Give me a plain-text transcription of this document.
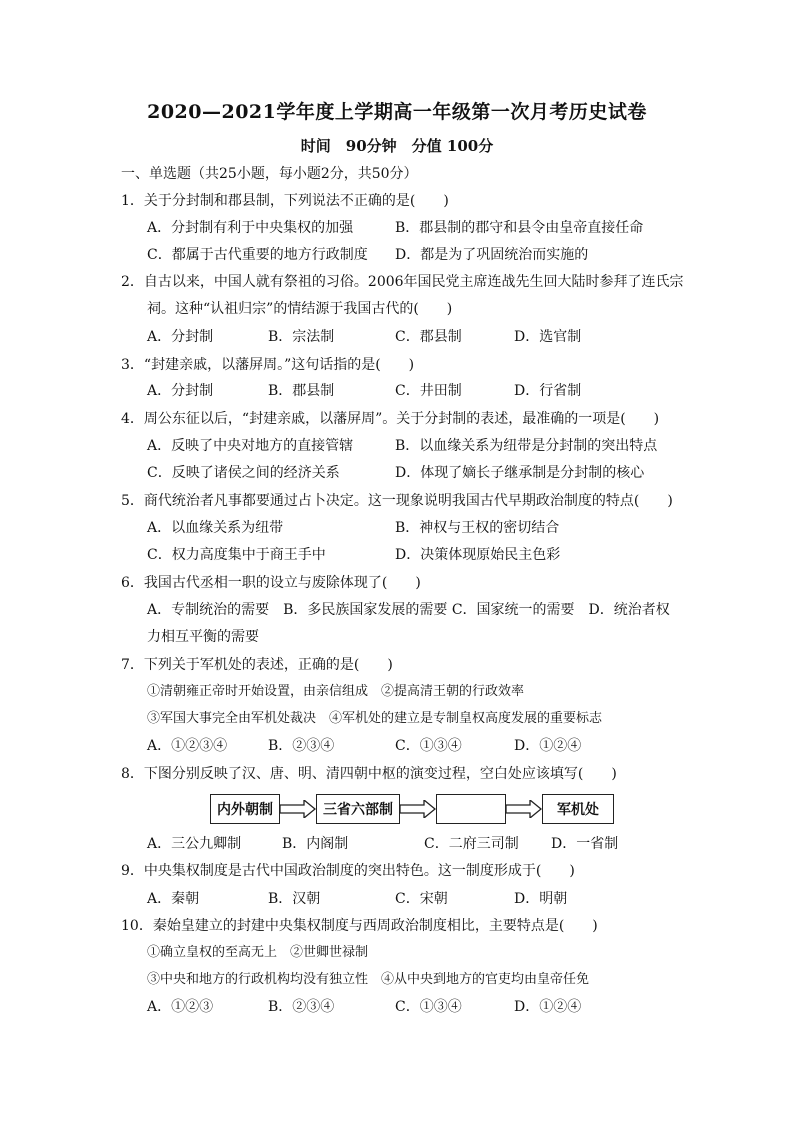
2020—2021学年度上学期高一年级第一次月考历史试卷
时间　90分钟　分值 100分
一、单选题（共25小题，每小题2分，共50分）
1．关于分封制和郡县制，下列说法不正确的是(　　)
A．分封制有利于中央集权的加强	B．郡县制的郡守和县令由皇帝直接任命
C．都属于古代重要的地方行政制度 D．都是为了巩固统治而实施的
2．自古以来，中国人就有祭祖的习俗。2006年国民党主席连战先生回大陆时参拜了连氏宗
祠。这种“认祖归宗”的情结源于我国古代的(　　)
A．分封制	B．宗法制	C．郡县制	D．选官制
3．“封建亲戚，以藩屏周。”这句话指的是(　　)
A．分封制	B．郡县制	C．井田制	D．行省制
4．周公东征以后，“封建亲戚，以藩屏周”。关于分封制的表述，最准确的一项是(　　)
A．反映了中央对地方的直接管辖	B．以血缘关系为纽带是分封制的突出特点
C．反映了诸侯之间的经济关系	D．体现了嫡长子继承制是分封制的核心
5．商代统治者凡事都要通过占卜决定。这一现象说明我国古代早期政治制度的特点(　　)
A．以血缘关系为纽带	B．神权与王权的密切结合
C．权力高度集中于商王手中	D．决策体现原始民主色彩
6．我国古代丞相一职的设立与废除体现了(　　)
A．专制统治的需要　B．多民族国家发展的需要 C．国家统一的需要　D．统治者权
力相互平衡的需要
7．下列关于军机处的表述，正确的是(　　)
①清朝雍正帝时开始设置，由亲信组成　②提高清王朝的行政效率
③军国大事完全由军机处裁决　④军机处的建立是专制皇权高度发展的重要标志
A．①②③④	B．②③④	C．①③④	D．①②④
8．下图分别反映了汉、唐、明、清四朝中枢的演变过程，空白处应该填写(　　)
内外朝制	三省六部制	军机处
A．三公九卿制	B．内阁制	C．二府三司制 D．一省制
9．中央集权制度是古代中国政治制度的突出特色。这一制度形成于(　　)
A．秦朝	B．汉朝	C．宋朝	D．明朝
10．秦始皇建立的封建中央集权制度与西周政治制度相比，主要特点是(　　)
①确立皇权的至高无上　②世卿世禄制
③中央和地方的行政机构均没有独立性　④从中央到地方的官吏均由皇帝任免
A．①②③	B．②③④	C．①③④	D．①②④
